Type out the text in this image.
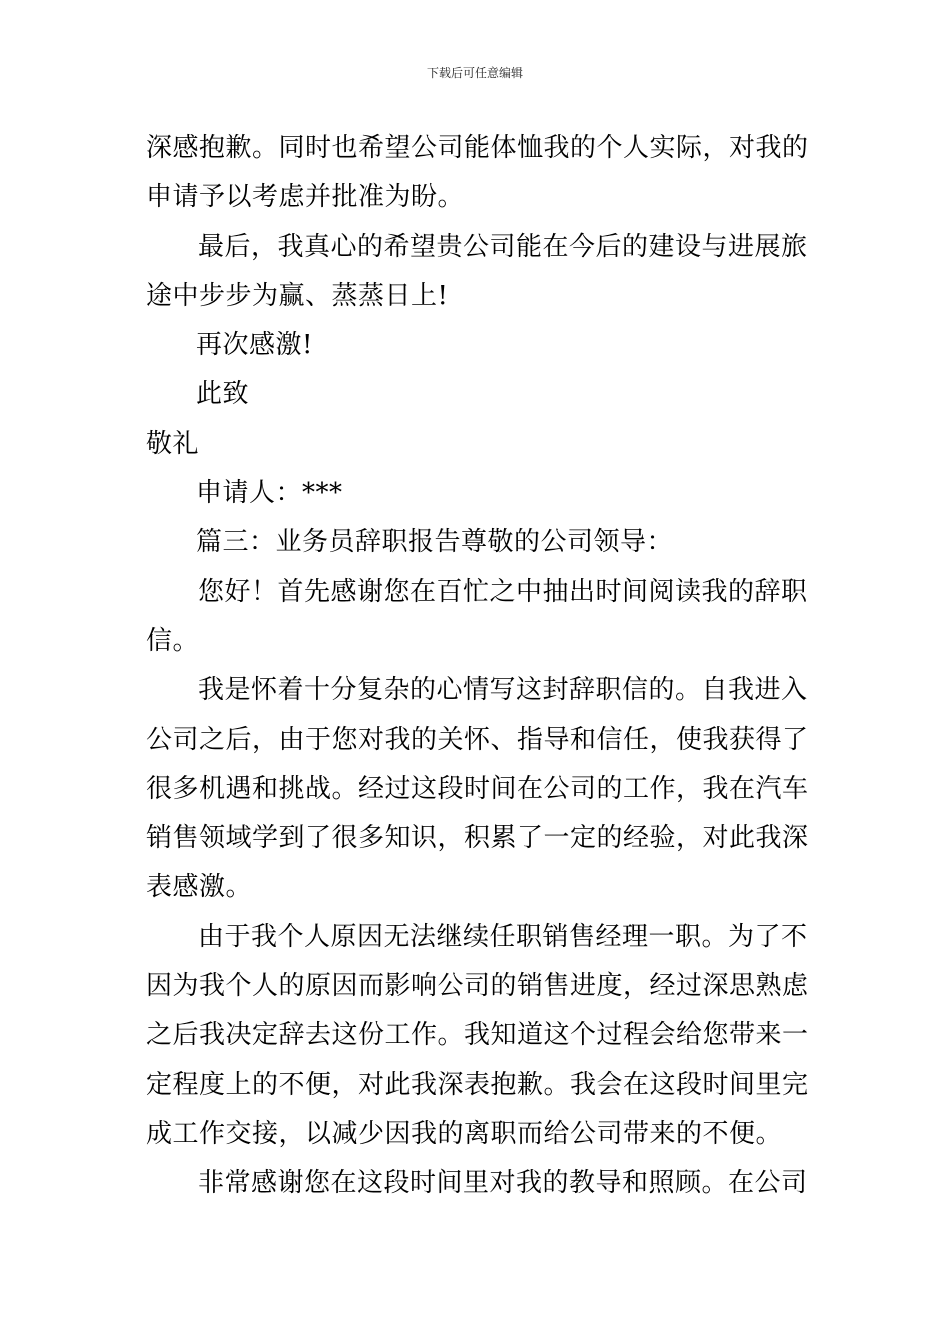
下载后可任意编辑
深感抱歉。同时也希望公司能体恤我的个人实际，对我的
申请予以考虑并批准为盼。
最后，我真心的希望贵公司能在今后的建设与进展旅
途中步步为赢、蒸蒸日上!
再次感激!
此致
敬礼
申请人：***
篇三：业务员辞职报告尊敬的公司领导：
您好！首先感谢您在百忙之中抽出时间阅读我的辞职
信。
我是怀着十分复杂的心情写这封辞职信的。自我进入
公司之后，由于您对我的关怀、指导和信任，使我获得了
很多机遇和挑战。经过这段时间在公司的工作，我在汽车
销售领域学到了很多知识，积累了一定的经验，对此我深
表感激。
由于我个人原因无法继续任职销售经理一职。为了不
因为我个人的原因而影响公司的销售进度，经过深思熟虑
之后我决定辞去这份工作。我知道这个过程会给您带来一
定程度上的不便，对此我深表抱歉。我会在这段时间里完
成工作交接，以减少因我的离职而给公司带来的不便。
非常感谢您在这段时间里对我的教导和照顾。在公司
